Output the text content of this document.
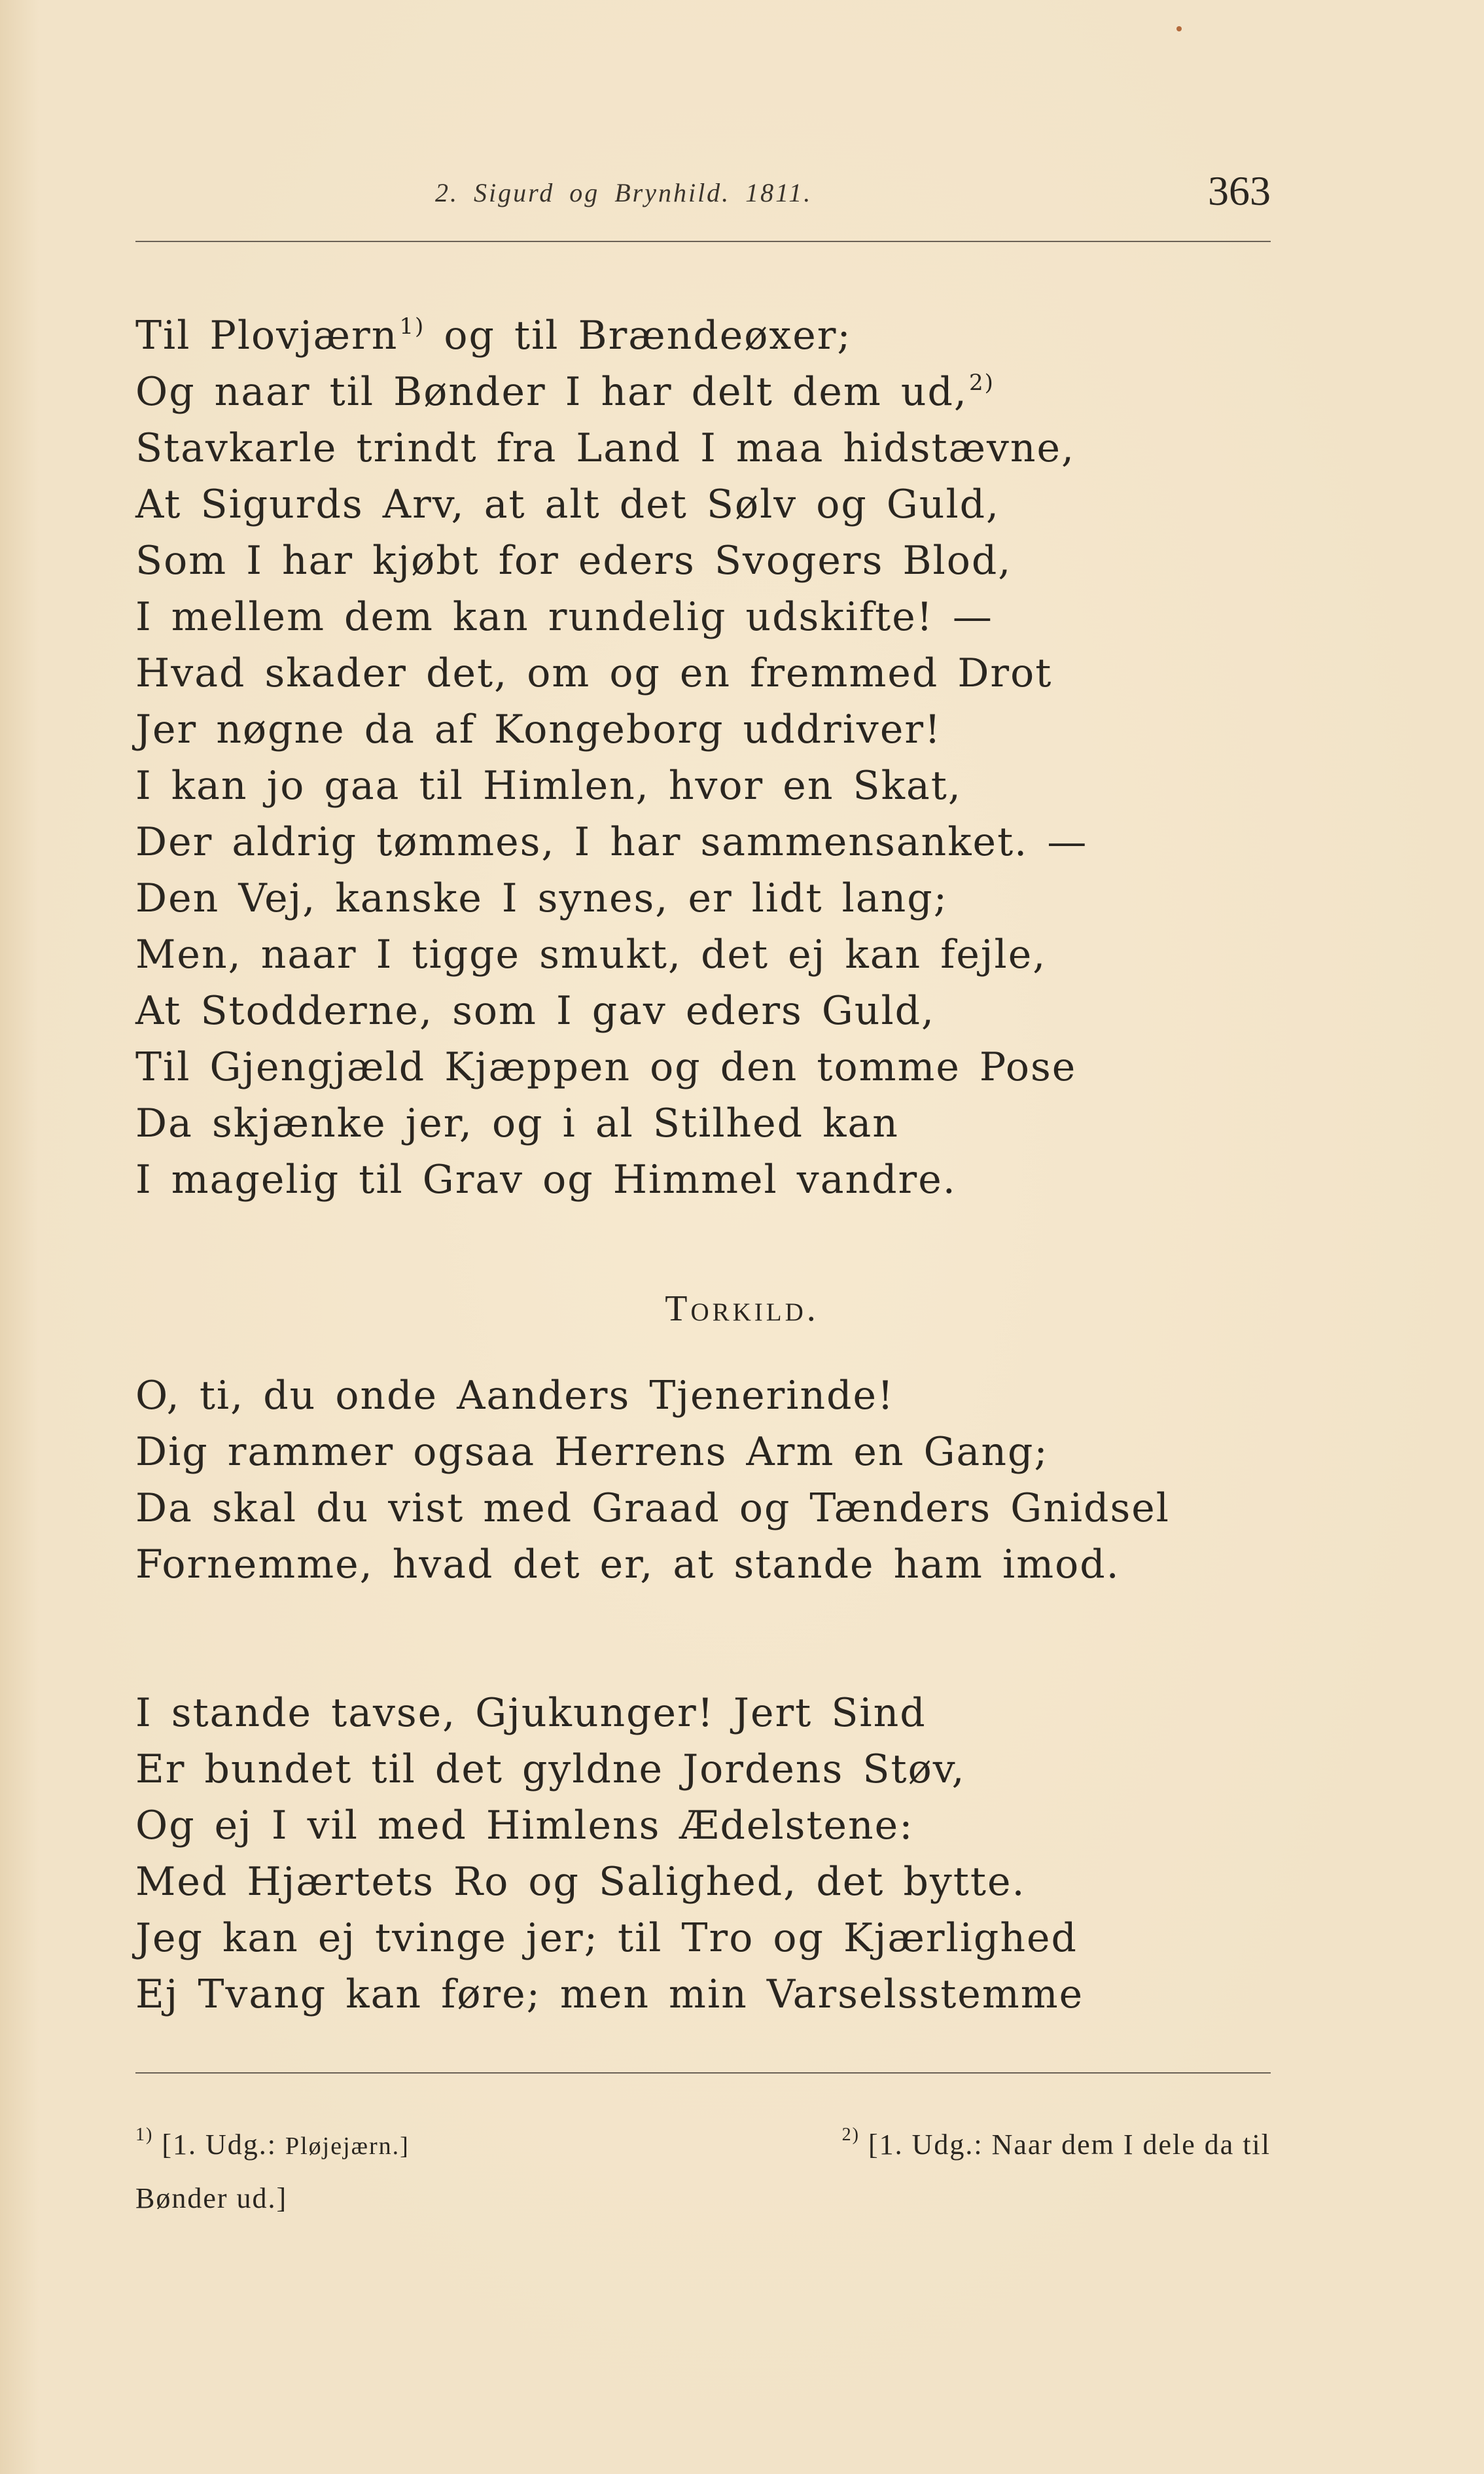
2. Sigurd og Brynhild. 1811.	363
Til Plovjærn$^{1)}$ og til Brændeøxer;
Og naar til Bønder I har delt dem ud,$^{2)}$
Stavkarle trindt fra Land I maa hidstævne,
At Sigurds Arv, at alt det Sølv og Guld,
Som I har kjøbt for eders Svogers Blod,
I mellem dem kan rundelig udskifte! —
Hvad skader det, om og en fremmed Drot
Jer nøgne da af Kongeborg uddriver!
I kan jo gaa til Himlen, hvor en Skat,
Der aldrig tømmes, I har sammensanket. —
Den Vej, kanske I synes, er lidt lang;
Men, naar I tigge smukt, det ej kan fejle,
At Stodderne, som I gav eders Guld,
Til Gjengjæld Kjæppen og den tomme Pose
Da skjænke jer, og i al Stilhed kan
I magelig til Grav og Himmel vandre.
Torkild.
O, ti, du onde Aanders Tjenerinde!
Dig rammer ogsaa Herrens Arm en Gang;
Da skal du vist med Graad og Tænders Gnidsel
Fornemme, hvad det er, at stande ham imod.
I stande tavse, Gjukunger! Jert Sind
Er bundet til det gyldne Jordens Støv,
Og ej I vil med Himlens Ædelstene:
Med Hjærtets Ro og Salighed, det bytte.
Jeg kan ej tvinge jer; til Tro og Kjærlighed
Ej Tvang kan føre; men min Varselsstemme
$^{1)}$ [1. Udg.: Pløjejærn.]	$^{2)}$ [1. Udg.: Naar dem I dele da til
Bønder ud.]
